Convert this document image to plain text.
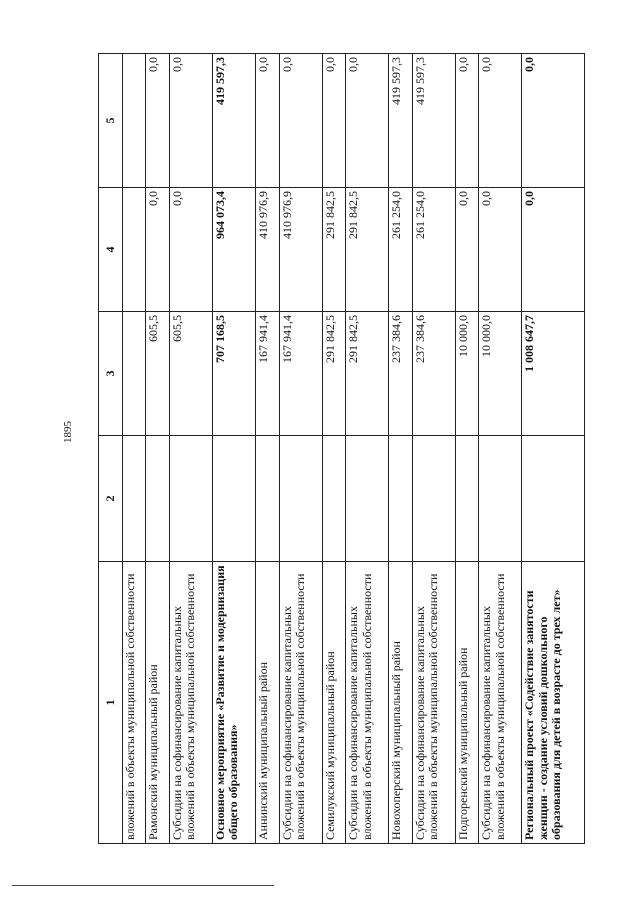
1895
1	2	3	4	5
вложений в объекты муниципальной собственности				
Рамонский муниципальный район		605,5	0,0	0,0
Субсидии на софинансирование капитальных вложений в объекты муниципальной собственности		605,5	0,0	0,0
Основное мероприятие «Развитие и модернизация общего образования»		707 168,5	964 073,4	419 597,3
Аннинский муниципальный район		167 941,4	410 976,9	0,0
Субсидии на софинансирование капитальных вложений в объекты муниципальной собственности		167 941,4	410 976,9	0,0
Семилукский муниципальный район		291 842,5	291 842,5	0,0
Субсидии на софинансирование капитальных вложений в объекты муниципальной собственности		291 842,5	291 842,5	0,0
Новохоперский муниципальный район		237 384,6	261 254,0	419 597,3
Субсидии на софинансирование капитальных вложений в объекты муниципальной собственности		237 384,6	261 254,0	419 597,3
Подгоренский муниципальный район		10 000,0	0,0	0,0
Субсидии на софинансирование капитальных вложений в объекты муниципальной собственности		10 000,0	0,0	0,0
Региональный проект «Содействие занятости женщин - создание условий дошкольного образования для детей в возрасте до трех лет»		1 008 647,7	0,0	0,0
